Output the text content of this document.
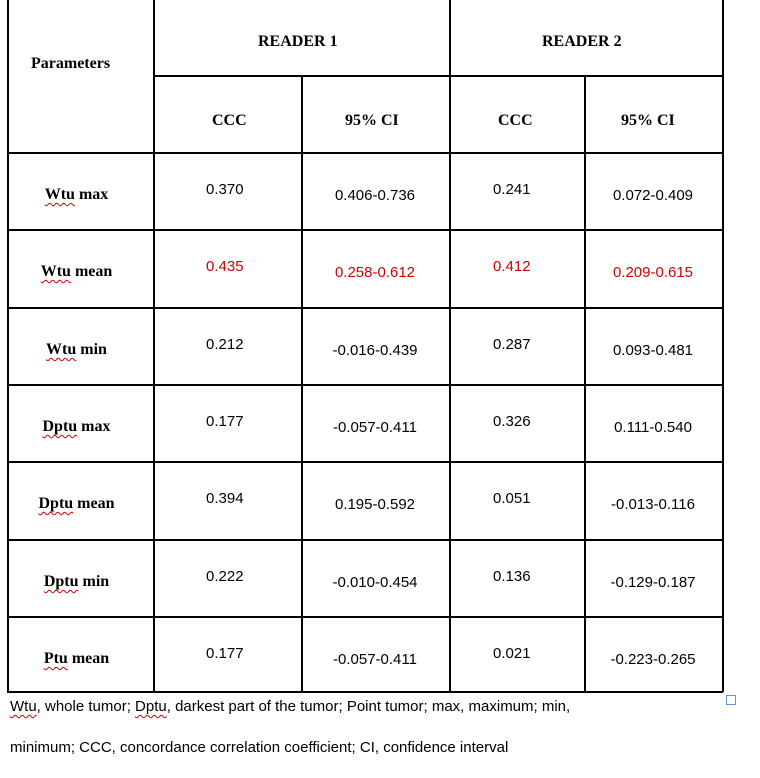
Parameters
READER 1	READER 2
CCC	95% CI	CCC	95% CI
Wtu max	0.370	0.406-0.736	0.241	0.072-0.409
Wtu mean	0.435	0.258-0.612	0.412	0.209-0.615
Wtu min	0.212	-0.016-0.439	0.287	0.093-0.481
Dptu max	0.177	-0.057-0.411	0.326	0.111-0.540
Dptu mean	0.394	0.195-0.592	0.051	-0.013-0.116
Dptu min	0.222	-0.010-0.454	0.136	-0.129-0.187
Ptu mean	0.177	-0.057-0.411	0.021	-0.223-0.265
Wtu, whole tumor; Dptu, darkest part of the tumor; Point tumor; max, maximum; min,
minimum; CCC, concordance correlation coefficient; CI, confidence interval
